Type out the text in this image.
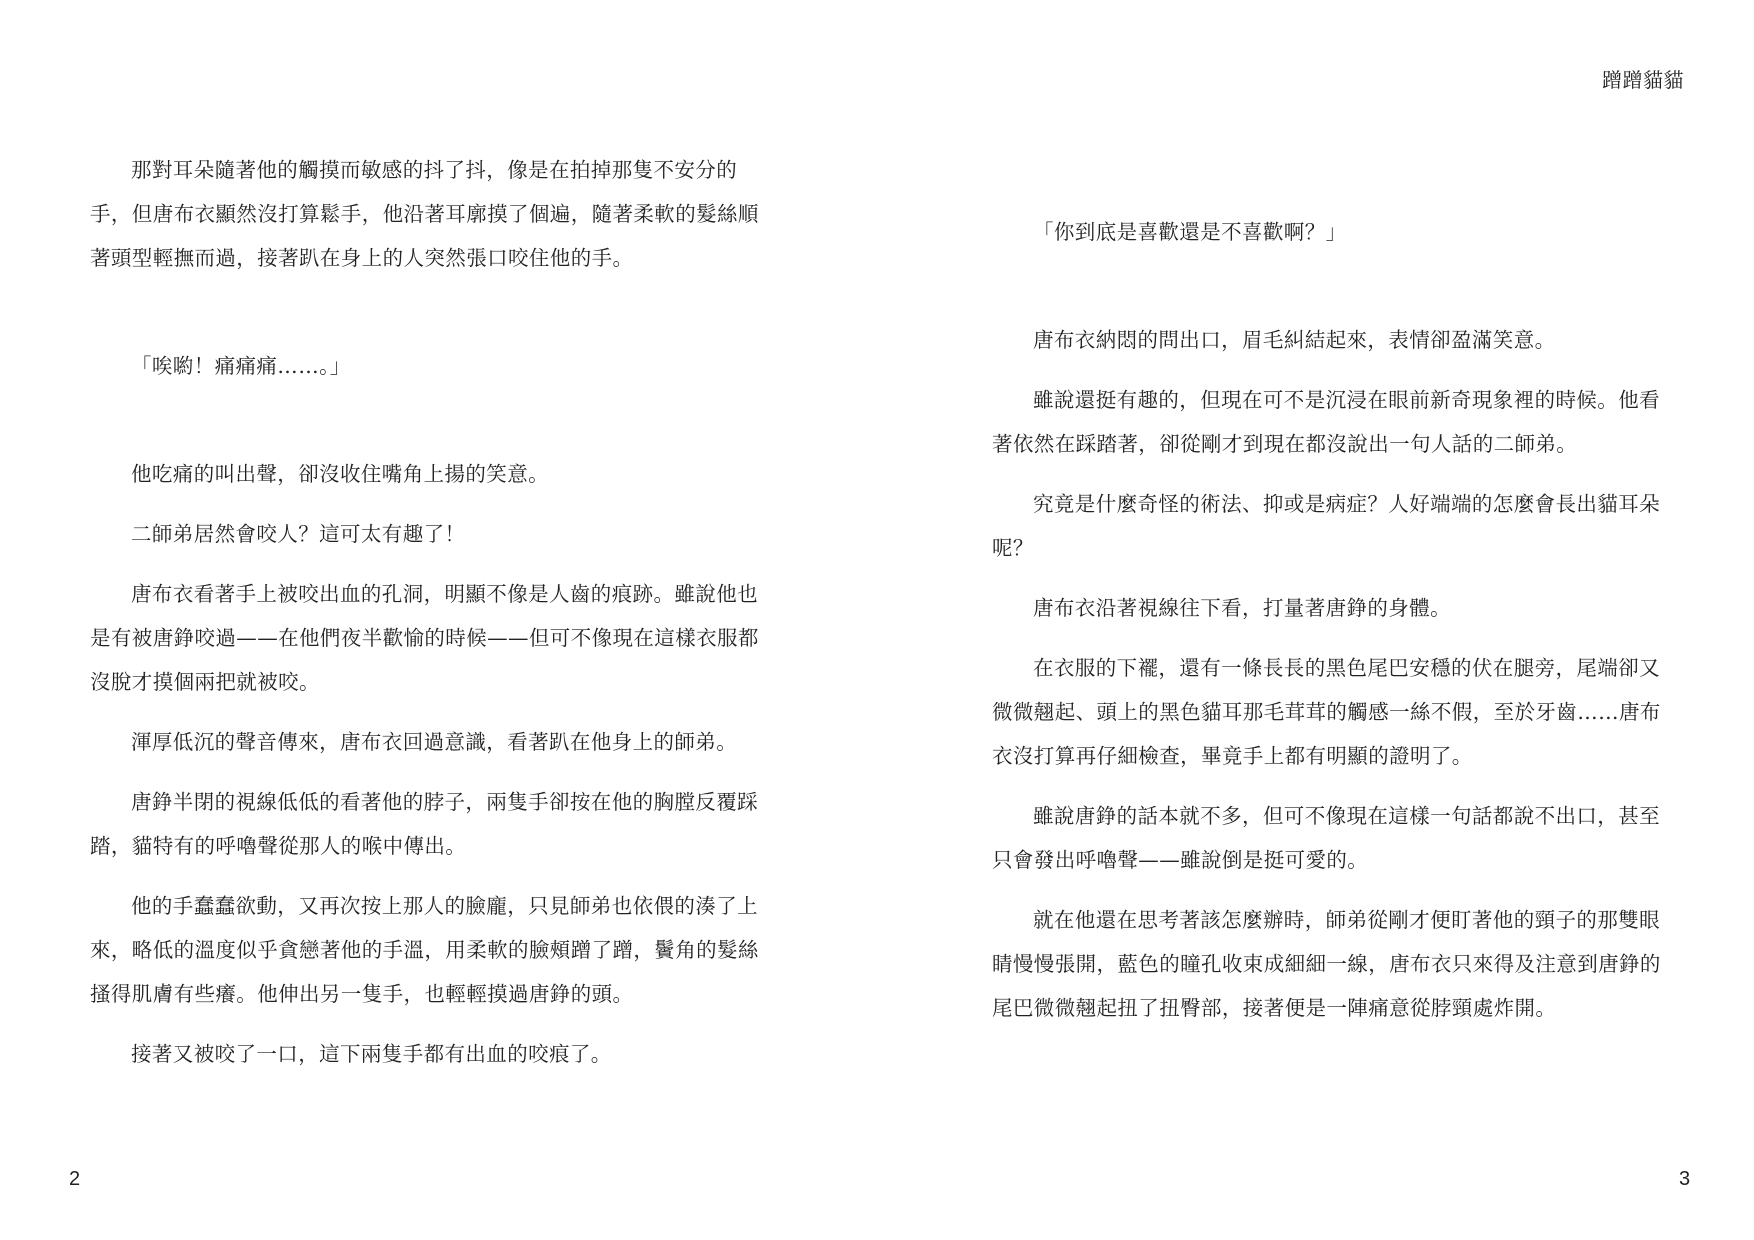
那對耳朵隨著他的觸摸而敏感的抖了抖，像是在拍掉那隻不安分的手，但唐布衣顯然沒打算鬆手，他沿著耳廓摸了個遍，隨著柔軟的髮絲順著頭型輕撫而過，接著趴在身上的人突然張口咬住他的手。

「唉喲！痛痛痛……。」

他吃痛的叫出聲，卻沒收住嘴角上揚的笑意。

二師弟居然會咬人？這可太有趣了！

唐布衣看著手上被咬出血的孔洞，明顯不像是人齒的痕跡。雖說他也是有被唐錚咬過——在他們夜半歡愉的時候——但可不像現在這樣衣服都沒脫才摸個兩把就被咬。

渾厚低沉的聲音傳來，唐布衣回過意識，看著趴在他身上的師弟。

唐錚半閉的視線低低的看著他的脖子，兩隻手卻按在他的胸膛反覆踩踏，貓特有的呼嚕聲從那人的喉中傳出。

他的手蠢蠢欲動，又再次按上那人的臉龐，只見師弟也依偎的湊了上來，略低的溫度似乎貪戀著他的手溫，用柔軟的臉頰蹭了蹭，鬢角的髮絲搔得肌膚有些癢。他伸出另一隻手，也輕輕摸過唐錚的頭。

接著又被咬了一口，這下兩隻手都有出血的咬痕了。

2
蹭蹭貓貓

「你到底是喜歡還是不喜歡啊？」

唐布衣納悶的問出口，眉毛糾結起來，表情卻盈滿笑意。

雖說還挺有趣的，但現在可不是沉浸在眼前新奇現象裡的時候。他看著依然在踩踏著，卻從剛才到現在都沒說出一句人話的二師弟。

究竟是什麼奇怪的術法、抑或是病症？人好端端的怎麼會長出貓耳朵呢？

唐布衣沿著視線往下看，打量著唐錚的身體。

在衣服的下襬，還有一條長長的黑色尾巴安穩的伏在腿旁，尾端卻又微微翹起、頭上的黑色貓耳那毛茸茸的觸感一絲不假，至於牙齒……唐布衣沒打算再仔細檢查，畢竟手上都有明顯的證明了。

雖說唐錚的話本就不多，但可不像現在這樣一句話都說不出口，甚至只會發出呼嚕聲——雖說倒是挺可愛的。

就在他還在思考著該怎麼辦時，師弟從剛才便盯著他的頸子的那雙眼睛慢慢張開，藍色的瞳孔收束成細細一線，唐布衣只來得及注意到唐錚的尾巴微微翹起扭了扭臀部，接著便是一陣痛意從脖頸處炸開。

3
